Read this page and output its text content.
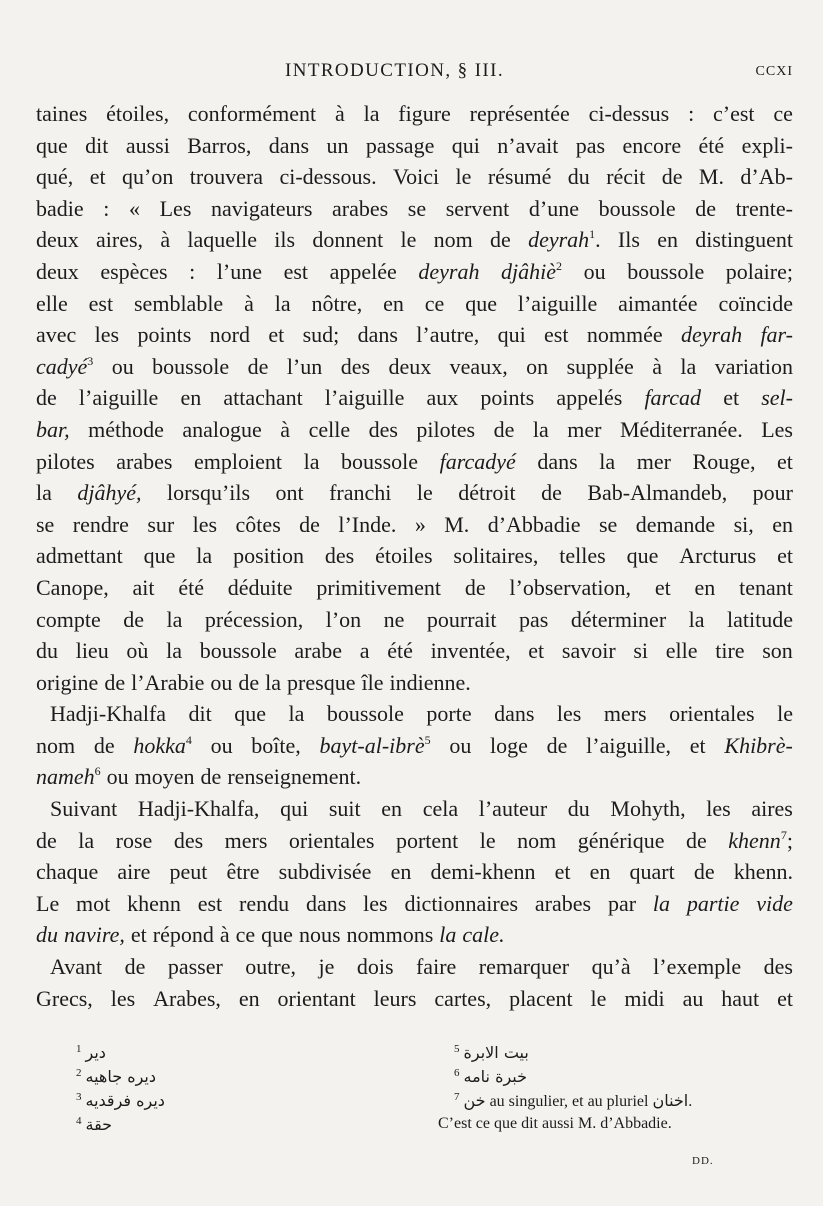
INTRODUCTION, § III.	CCXI
taines étoiles, conformément à la figure représentée ci-dessus : c’est ce
que dit aussi Barros, dans un passage qui n’avait pas encore été expli-
qué, et qu’on trouvera ci-dessous. Voici le résumé du récit de M. d’Ab-
badie : « Les navigateurs arabes se servent d’une boussole de trente-
deux aires, à laquelle ils donnent le nom de deyrah$^1$. Ils en distinguent
deux espèces : l’une est appelée deyrah djâhiè$^2$ ou boussole polaire;
elle est semblable à la nôtre, en ce que l’aiguille aimantée coïncide
avec les points nord et sud; dans l’autre, qui est nommée deyrah far-
cadyé$^3$ ou boussole de l’un des deux veaux, on supplée à la variation
de l’aiguille en attachant l’aiguille aux points appelés farcad et sel-
bar, méthode analogue à celle des pilotes de la mer Méditerranée. Les
pilotes arabes emploient la boussole farcadyé dans la mer Rouge, et
la djâhyé, lorsqu’ils ont franchi le détroit de Bab-Almandeb, pour
se rendre sur les côtes de l’Inde. » M. d’Abbadie se demande si, en
admettant que la position des étoiles solitaires, telles que Arcturus et
Canope, ait été déduite primitivement de l’observation, et en tenant
compte de la précession, l’on ne pourrait pas déterminer la latitude
du lieu où la boussole arabe a été inventée, et savoir si elle tire son
origine de l’Arabie ou de la presque île indienne.
Hadji-Khalfa dit que la boussole porte dans les mers orientales le
nom de hokka$^4$ ou boîte, bayt-al-ibrè$^5$ ou loge de l’aiguille, et Khibrè-
nameh$^6$ ou moyen de renseignement.
Suivant Hadji-Khalfa, qui suit en cela l’auteur du Mohyth, les aires
de la rose des mers orientales portent le nom générique de khenn$^7$;
chaque aire peut être subdivisée en demi-khenn et en quart de khenn.
Le mot khenn est rendu dans les dictionnaires arabes par la partie vide
du navire, et répond à ce que nous nommons la cale.
Avant de passer outre, je dois faire remarquer qu’à l’exemple des
Grecs, les Arabes, en orientant leurs cartes, placent le midi au haut et
$^1$ دير
$^2$ ديره جاهيه
$^3$ ديره فرقديه
$^4$ حقة
$^5$ بيت الابرة
$^6$ خبرة نامه
$^7$ خن au singulier, et au pluriel اخنان.
C’est ce que dit aussi M. d’Abbadie.
DD.
